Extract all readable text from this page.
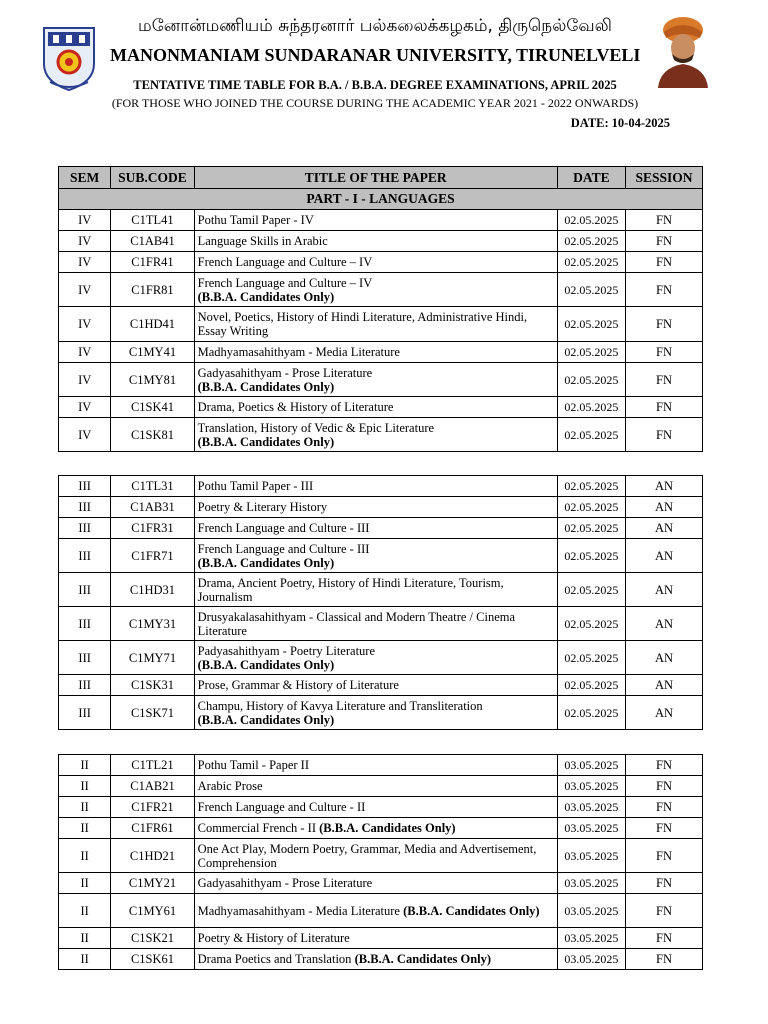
மனோன்மணியம் சுந்தரனார் பல்கலைக்கழகம், திருநெல்வேலி
MANONMANIAM SUNDARANAR UNIVERSITY, TIRUNELVELI
TENTATIVE TIME TABLE FOR B.A. / B.B.A. DEGREE EXAMINATIONS, APRIL 2025
(FOR THOSE WHO JOINED THE COURSE DURING THE ACADEMIC YEAR 2021 - 2022 ONWARDS)
DATE: 10-04-2025
SEM	SUB.CODE	TITLE OF THE PAPER	DATE	SESSION
PART - I - LANGUAGES				
IV	C1TL41	Pothu Tamil Paper - IV	02.05.2025	FN
IV	C1AB41	Language Skills in Arabic	02.05.2025	FN
IV	C1FR41	French Language and Culture – IV	02.05.2025	FN
IV	C1FR81	French Language and Culture – IV
(B.B.A. Candidates Only)	02.05.2025	FN
IV	C1HD41	Novel, Poetics, History of Hindi Literature, Administrative Hindi, Essay Writing	02.05.2025	FN
IV	C1MY41	Madhyamasahithyam - Media Literature	02.05.2025	FN
IV	C1MY81	Gadyasahithyam - Prose Literature
(B.B.A. Candidates Only)	02.05.2025	FN
IV	C1SK41	Drama, Poetics & History of Literature	02.05.2025	FN
IV	C1SK81	Translation, History of Vedic & Epic Literature
(B.B.A. Candidates Only)	02.05.2025	FN
III	C1TL31	Pothu Tamil Paper - III	02.05.2025	AN
III	C1AB31	Poetry & Literary History	02.05.2025	AN
III	C1FR31	French Language and Culture - III	02.05.2025	AN
III	C1FR71	French Language and Culture - III
(B.B.A. Candidates Only)	02.05.2025	AN
III	C1HD31	Drama, Ancient Poetry, History of Hindi Literature, Tourism, Journalism	02.05.2025	AN
III	C1MY31	Drusyakalasahithyam - Classical and Modern Theatre / Cinema Literature	02.05.2025	AN
III	C1MY71	Padyasahithyam - Poetry Literature
(B.B.A. Candidates Only)	02.05.2025	AN
III	C1SK31	Prose, Grammar & History of Literature	02.05.2025	AN
III	C1SK71	Champu, History of Kavya Literature and Transliteration
(B.B.A. Candidates Only)	02.05.2025	AN
II	C1TL21	Pothu Tamil - Paper II	03.05.2025	FN
II	C1AB21	Arabic Prose	03.05.2025	FN
II	C1FR21	French Language and Culture - II	03.05.2025	FN
II	C1FR61	Commercial French - II (B.B.A. Candidates Only)	03.05.2025	FN
II	C1HD21	One Act Play, Modern Poetry, Grammar, Media and Advertisement, Comprehension	03.05.2025	FN
II	C1MY21	Gadyasahithyam - Prose Literature	03.05.2025	FN
II	C1MY61	Madhyamasahithyam - Media Literature (B.B.A. Candidates Only)	03.05.2025	FN
II	C1SK21	Poetry & History of Literature	03.05.2025	FN
II	C1SK61	Drama Poetics and Translation (B.B.A. Candidates Only)	03.05.2025	FN
